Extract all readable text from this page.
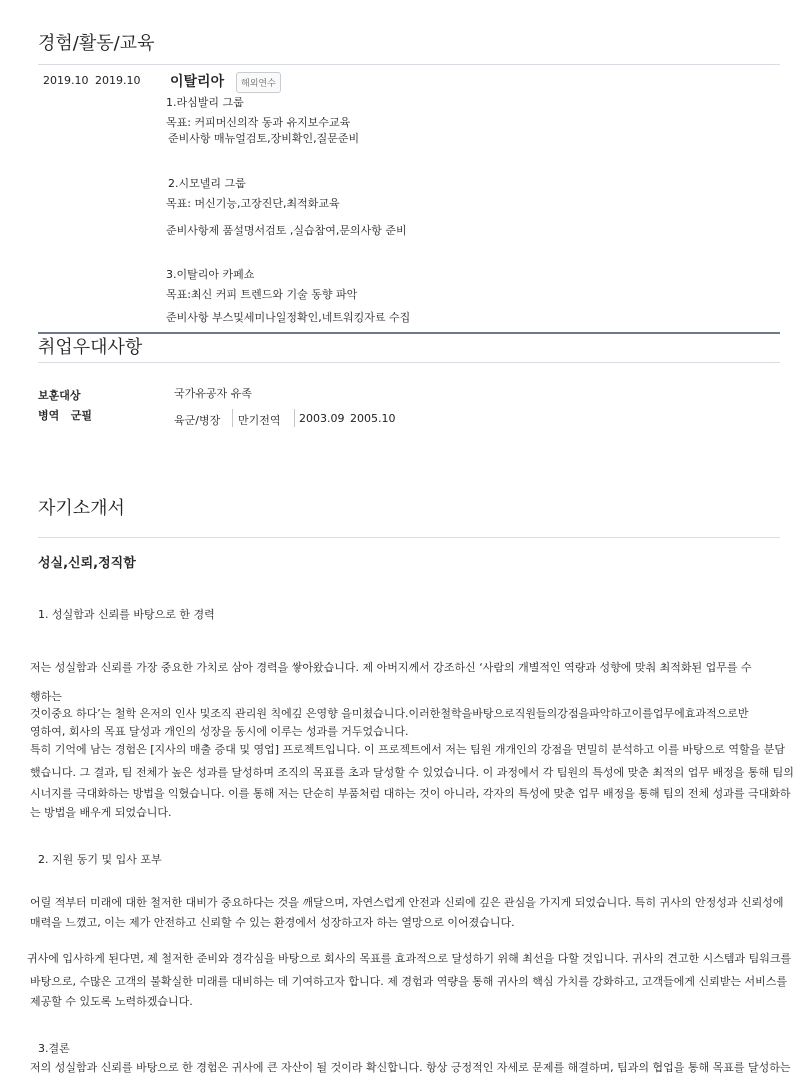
경험/활동/교육
2019.10 2019.10 이탈리아	해외연수
1.라심발리 그룹
목표: 커피머신의작 동과 유지보수교육
준비사항 매뉴얼검토,장비확인,질문준비
2.시모넬리 그룹
목표: 머신기능,고장진단,최적화교육
준비사항제 품설명서검토 ,실습참여,문의사항 준비
3.이탈리아 카페쇼
목표:최신 커피 트렌드와 기술 동향 파악
준비사항 부스및세미나일정확인,네트워킹자료 수집
취업우대사항
보훈대상	국가유공자 유족
병역   군필	육군/병장 만기전역 2003.09 2005.10
자기소개서
성실,신뢰,정직함
1. 성실함과 신뢰를 바탕으로 한 경력
저는 성실함과 신뢰를 가장 중요한 가치로 삼아 경력을 쌓아왔습니다. 제 아버지께서 강조하신 ‘사람의 개별적인 역량과 성향에 맞춰 최적화된 업무를 수
행하는
것이중요 하다’는 철학 은저의 인사 및조직 관리원 칙에깊 은영향 을미쳤습니다.이러한철학을바탕으로직원들의강점을파악하고이를업무에효과적으로반
영하여, 회사의 목표 달성과 개인의 성장을 동시에 이루는 성과를 거두었습니다.
특히 기억에 남는 경험은 [지사의 매출 증대 및 영업] 프로젝트입니다. 이 프로젝트에서 저는 팀원 개개인의 강점을 면밀히 분석하고 이를 바탕으로 역할을 분담
했습니다. 그 결과, 팀 전체가 높은 성과를 달성하며 조직의 목표를 초과 달성할 수 있었습니다. 이 과정에서 각 팀원의 특성에 맞춘 최적의 업무 배정을 통해 팀의
시너지를 극대화하는 방법을 익혔습니다. 이를 통해 저는 단순히 부품처럼 대하는 것이 아니라, 각자의 특성에 맞춘 업무 배정을 통해 팀의 전체 성과를 극대화하
는 방법을 배우게 되었습니다.
2. 지원 동기 및 입사 포부
어릴 적부터 미래에 대한 철저한 대비가 중요하다는 것을 깨달으며, 자연스럽게 안전과 신뢰에 깊은 관심을 가지게 되었습니다. 특히 귀사의 안정성과 신뢰성에
매력을 느꼈고, 이는 제가 안전하고 신뢰할 수 있는 환경에서 성장하고자 하는 열망으로 이어졌습니다.
귀사에 입사하게 된다면, 제 철저한 준비와 경각심을 바탕으로 회사의 목표를 효과적으로 달성하기 위해 최선을 다할 것입니다. 귀사의 견고한 시스템과 팀워크를
바탕으로, 수많은 고객의 불확실한 미래를 대비하는 데 기여하고자 합니다. 제 경험과 역량을 통해 귀사의 핵심 가치를 강화하고, 고객들에게 신뢰받는 서비스를
제공할 수 있도록 노력하겠습니다.
3.결론
저의 성실함과 신뢰를 바탕으로 한 경험은 귀사에 큰 자산이 될 것이라 확신합니다. 항상 긍정적인 자세로 문제를 해결하며, 팀과의 협업을 통해 목표를 달성하는
